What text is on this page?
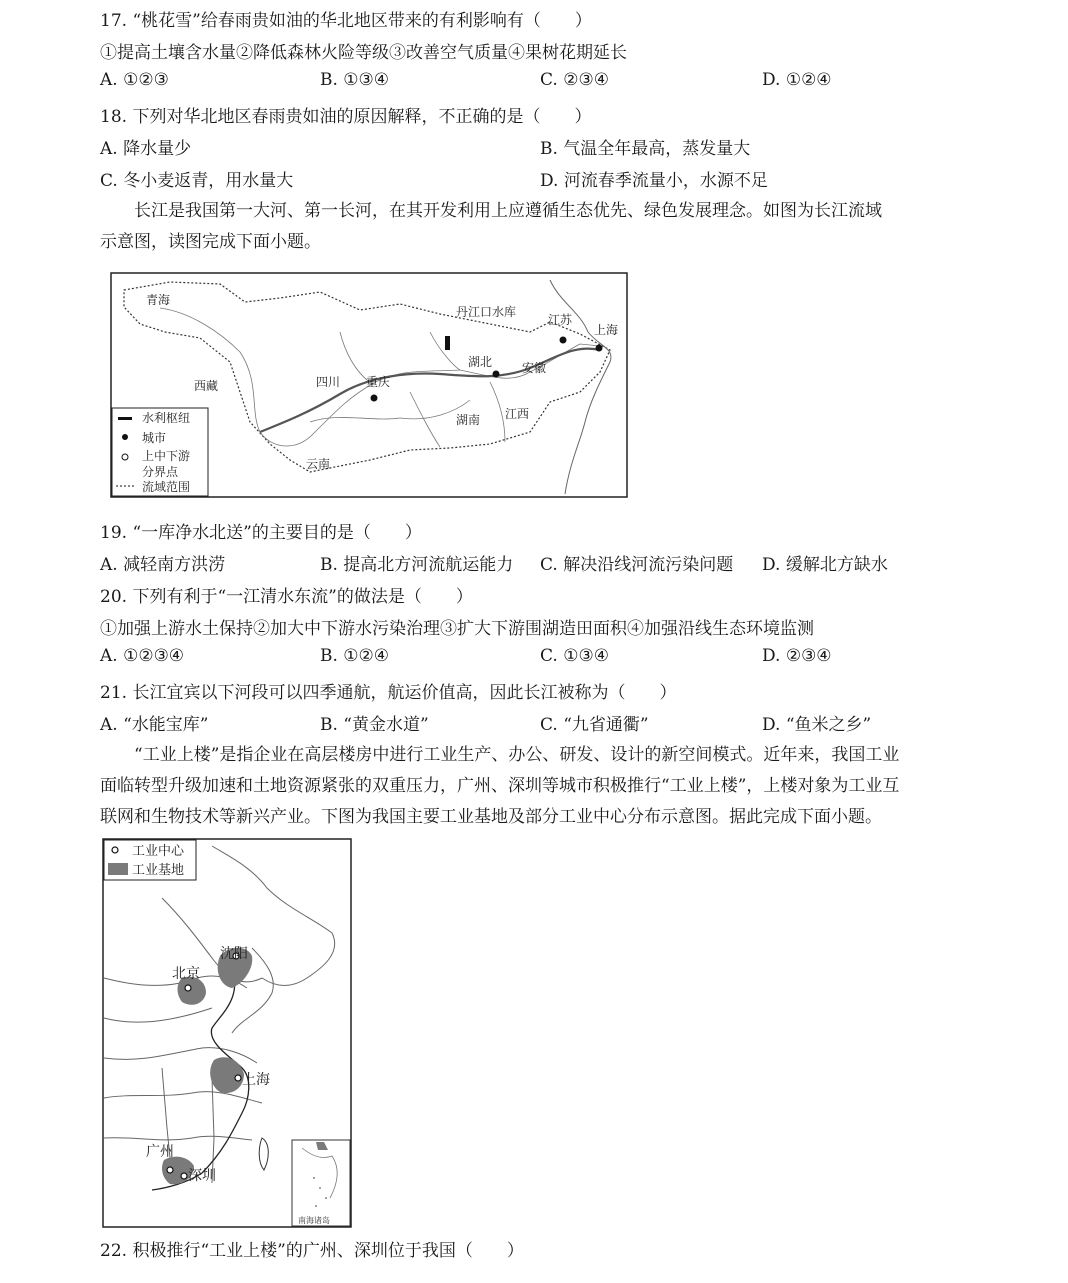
17. “桃花雪”给春雨贵如油的华北地区带来的有利影响有（　　）
①提高土壤含水量②降低森林火险等级③改善空气质量④果树花期延长
A. ①②③	B. ①③④	C. ②③④	D. ①②④
18. 下列对华北地区春雨贵如油的原因解释，不正确的是（　　）
A. 降水量少	B. 气温全年最高，蒸发量大
C. 冬小麦返青，用水量大	D. 河流春季流量小，水源不足
长江是我国第一大河、第一长河，在其开发利用上应遵循生态优先、绿色发展理念。如图为长江流域
示意图，读图完成下面小题。
青海
西藏	四川 重庆
云南
湖南 江西
湖北 安徽
江苏
上海
丹江口水库
水利枢纽
城市
上中下游
分界点
流域范围
19. “一库净水北送”的主要目的是（　　）
A. 减轻南方洪涝	B. 提高北方河流航运能力 C. 解决沿线河流污染问题 D. 缓解北方缺水
20. 下列有利于“一江清水东流”的做法是（　　）
①加强上游水土保持②加大中下游水污染治理③扩大下游围湖造田面积④加强沿线生态环境监测
A. ①②③④	B. ①②④	C. ①③④	D. ②③④
21. 长江宜宾以下河段可以四季通航，航运价值高，因此长江被称为（　　）
A. “水能宝库”	B. “黄金水道”	C. “九省通衢”	D. “鱼米之乡”
“工业上楼”是指企业在高层楼房中进行工业生产、办公、研发、设计的新空间模式。近年来，我国工业
面临转型升级加速和土地资源紧张的双重压力，广州、深圳等城市积极推行“工业上楼”，上楼对象为工业互
联网和生物技术等新兴产业。下图为我国主要工业基地及部分工业中心分布示意图。据此完成下面小题。
沈阳
北京
上海
广州
深圳
南海诸岛
工业中心
工业基地
22. 积极推行“工业上楼”的广州、深圳位于我国（　　）
